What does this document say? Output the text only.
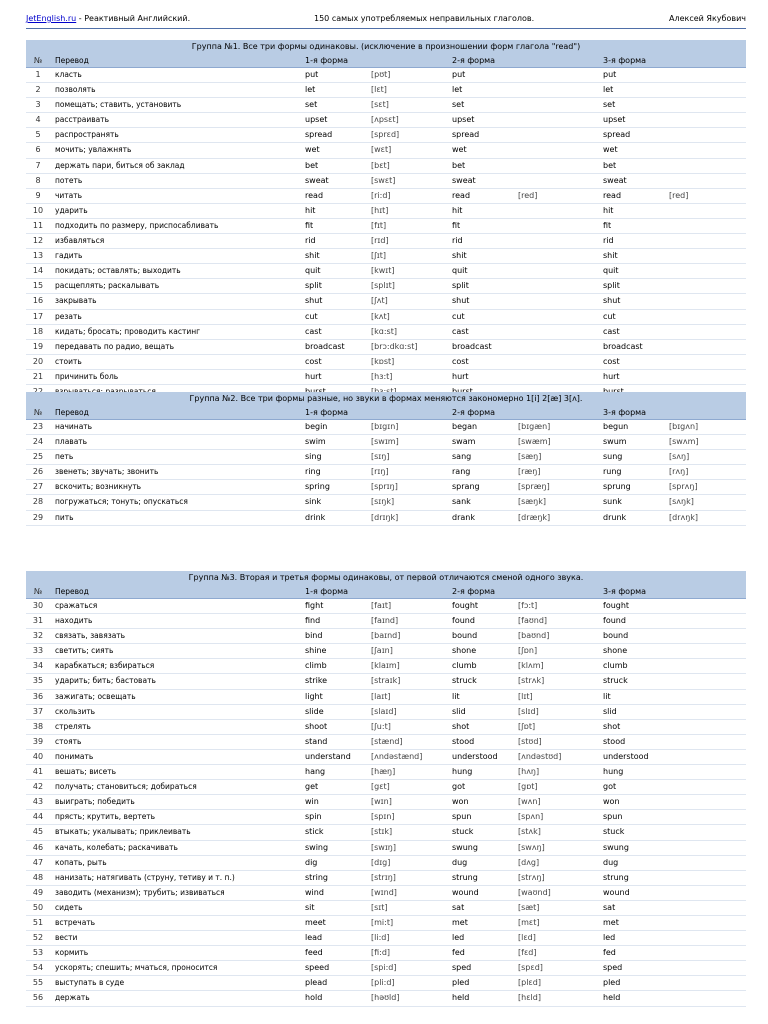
JetEnglish.ru - Реактивный Английский.	150 самых употребляемых неправильных глаголов.	Алексей Якубович
Группа №1. Все три формы одинаковы. (исключение в произношении форм глагола "read")
№	Перевод	1-я форма	2-я форма	3-я форма
1	класть	put	[pʊt]	put	put
2	позволять	let	[lɛt]	let	let
3	помещать; ставить, установить	set	[sɛt]	set	set
4	расстраивать	upset	[ʌpsɛt]	upset	upset
5	распространять	spread	[sprɛd]	spread	spread
6	мочить; увлажнять	wet	[wɛt]	wet	wet
7	держать пари, биться об заклад	bet	[bɛt]	bet	bet
8	потеть	sweat	[swɛt]	sweat	sweat
9	читать	read	[ri:d]	read	[red]	read	[red]
10	ударить	hit	[hɪt]	hit	hit
11	подходить по размеру, приспосабливать	fit	[fɪt]	fit	fit
12	избавляться	rid	[rɪd]	rid	rid
13	гадить	shit	[ʃɪt]	shit	shit
14	покидать; оставлять; выходить	quit	[kwɪt]	quit	quit
15	расщеплять; раскалывать	split	[splɪt]	split	split
16	закрывать	shut	[ʃʌt]	shut	shut
17	резать	cut	[kʌt]	cut	cut
18	кидать; бросать; проводить кастинг	cast	[kɑ:st]	cast	cast
19	передавать по радио, вещать	broadcast	[brɔ:dkɑ:st]	broadcast	broadcast
20	стоить	cost	[kɒst]	cost	cost
21	причинить боль	hurt	[hɜ:t]	hurt	hurt
Группа №2. Все три формы разные, но звуки в формах меняются закономерно 1[i] 2[æ] 3[ʌ].
№	Перевод	1-я форма	2-я форма	3-я форма
23	начинать	begin	[bɪgɪn]	began	[bɪgæn]	begun	[bɪgʌn]
24	плавать	swim	[swɪm]	swam	[swæm]	swum	[swʌm]
25	петь	sing	[sɪŋ]	sang	[sæŋ]	sung	[sʌŋ]
26	звенеть; звучать; звонить	ring	[rɪŋ]	rang	[ræŋ]	rung	[rʌŋ]
27	вскочить; возникнуть	spring	[sprɪŋ]	sprang	[spræŋ]	sprung	[sprʌŋ]
28	погружаться; тонуть; опускаться	sink	[sɪŋk]	sank	[sæŋk]	sunk	[sʌŋk]
29	пить	drink	[drɪŋk]	drank	[dræŋk]	drunk	[drʌŋk]
Группа №3. Вторая и третья формы одинаковы, от первой отличаются сменой одного звука.
№	Перевод	1-я форма	2-я форма	3-я форма
30	сражаться	fight	[faɪt]	fought	[fɔ:t]	fought
31	находить	find	[faɪnd]	found	[faʊnd]	found
32	связать, завязать	bind	[baɪnd]	bound	[baʊnd]	bound
33	светить; сиять	shine	[ʃaɪn]	shone	[ʃɒn]	shone
34	карабкаться; взбираться	climb	[klaɪm]	clumb	[klʌm]	clumb
35	ударить; бить; бастовать	strike	[straɪk]	struck	[strʌk]	struck
36	зажигать; освещать	light	[laɪt]	lit	[lɪt]	lit
37	скользить	slide	[slaɪd]	slid	[slɪd]	slid
38	стрелять	shoot	[ʃu:t]	shot	[ʃɒt]	shot
39	стоять	stand	[stænd]	stood	[stʊd]	stood
40	понимать	understand	[ʌndəstænd]	understood	[ʌndəstʊd]	understood
41	вешать; висеть	hang	[hæŋ]	hung	[hʌŋ]	hung
42	получать; становиться; добираться	get	[gɛt]	got	[gɒt]	got
43	выиграть; победить	win	[wɪn]	won	[wʌn]	won
44	прясть; крутить, вертеть	spin	[spɪn]	spun	[spʌn]	spun
45	втыкать; укалывать; приклеивать	stick	[stɪk]	stuck	[stʌk]	stuck
46	качать, колебать; раскачивать	swing	[swɪŋ]	swung	[swʌŋ]	swung
47	копать, рыть	dig	[dɪg]	dug	[dʌg]	dug
48	нанизать; натягивать (струну, тетиву и т. п.)	string	[strɪŋ]	strung	[strʌŋ]	strung
49	заводить (механизм); трубить; извиваться	wind	[wɪnd]	wound	[waʊnd]	wound
50	сидеть	sit	[sɪt]	sat	[sæt]	sat
51	встречать	meet	[mi:t]	met	[mɛt]	met
52	вести	lead	[li:d]	led	[lɛd]	led
53	кормить	feed	[fi:d]	fed	[fɛd]	fed
54	ускорять; спешить; мчаться, проносится	speed	[spi:d]	sped	[spɛd]	sped
55	выступать в суде	plead	[pli:d]	pled	[plɛd]	pled
56	держать	hold	[həʊld]	held	[hɛld]	held
